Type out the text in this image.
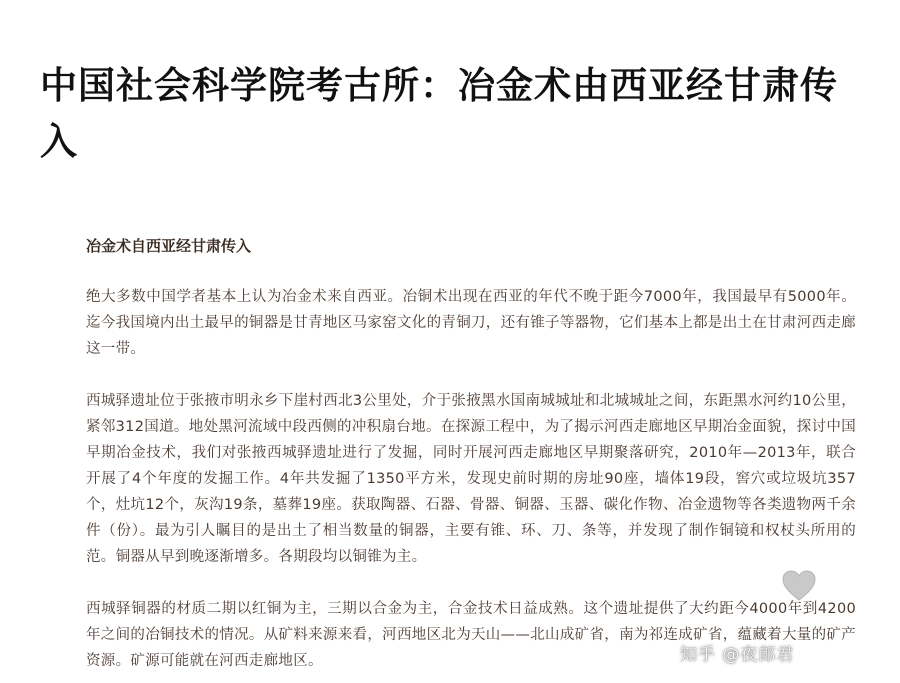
中国社会科学院考古所：冶金术由西亚经甘肃传入

冶金术自西亚经甘肃传入

绝大多数中国学者基本上认为冶金术来自西亚。冶铜术出现在西亚的年代不晚于距今7000年，我国最早有5000年。迄今我国境内出土最早的铜器是甘青地区马家窑文化的青铜刀，还有锥子等器物，它们基本上都是出土在甘肃河西走廊这一带。

西城驿遗址位于张掖市明永乡下崖村西北3公里处，介于张掖黑水国南城城址和北城城址之间，东距黑水河约10公里，紧邻312国道。地处黑河流域中段西侧的冲积扇台地。在探源工程中，为了揭示河西走廊地区早期冶金面貌，探讨中国早期冶金技术，我们对张掖西城驿遗址进行了发掘，同时开展河西走廊地区早期聚落研究，2010年—2013年，联合开展了4个年度的发掘工作。4年共发掘了1350平方米，发现史前时期的房址90座，墙体19段，窖穴或垃圾坑357个，灶坑12个，灰沟19条，墓葬19座。获取陶器、石器、骨器、铜器、玉器、碳化作物、冶金遗物等各类遗物两千余件（份）。最为引人瞩目的是出土了相当数量的铜器，主要有锥、环、刀、条等，并发现了制作铜镜和权杖头所用的范。铜器从早到晚逐渐增多。各期段均以铜锥为主。

西城驿铜器的材质二期以红铜为主，三期以合金为主，合金技术日益成熟。这个遗址提供了大约距今4000年到4200年之间的冶铜技术的情况。从矿料来源来看，河西地区北为天山——北山成矿省，南为祁连成矿省，蕴藏着大量的矿产资源。矿源可能就在河西走廊地区。	知乎 @夜郎君
